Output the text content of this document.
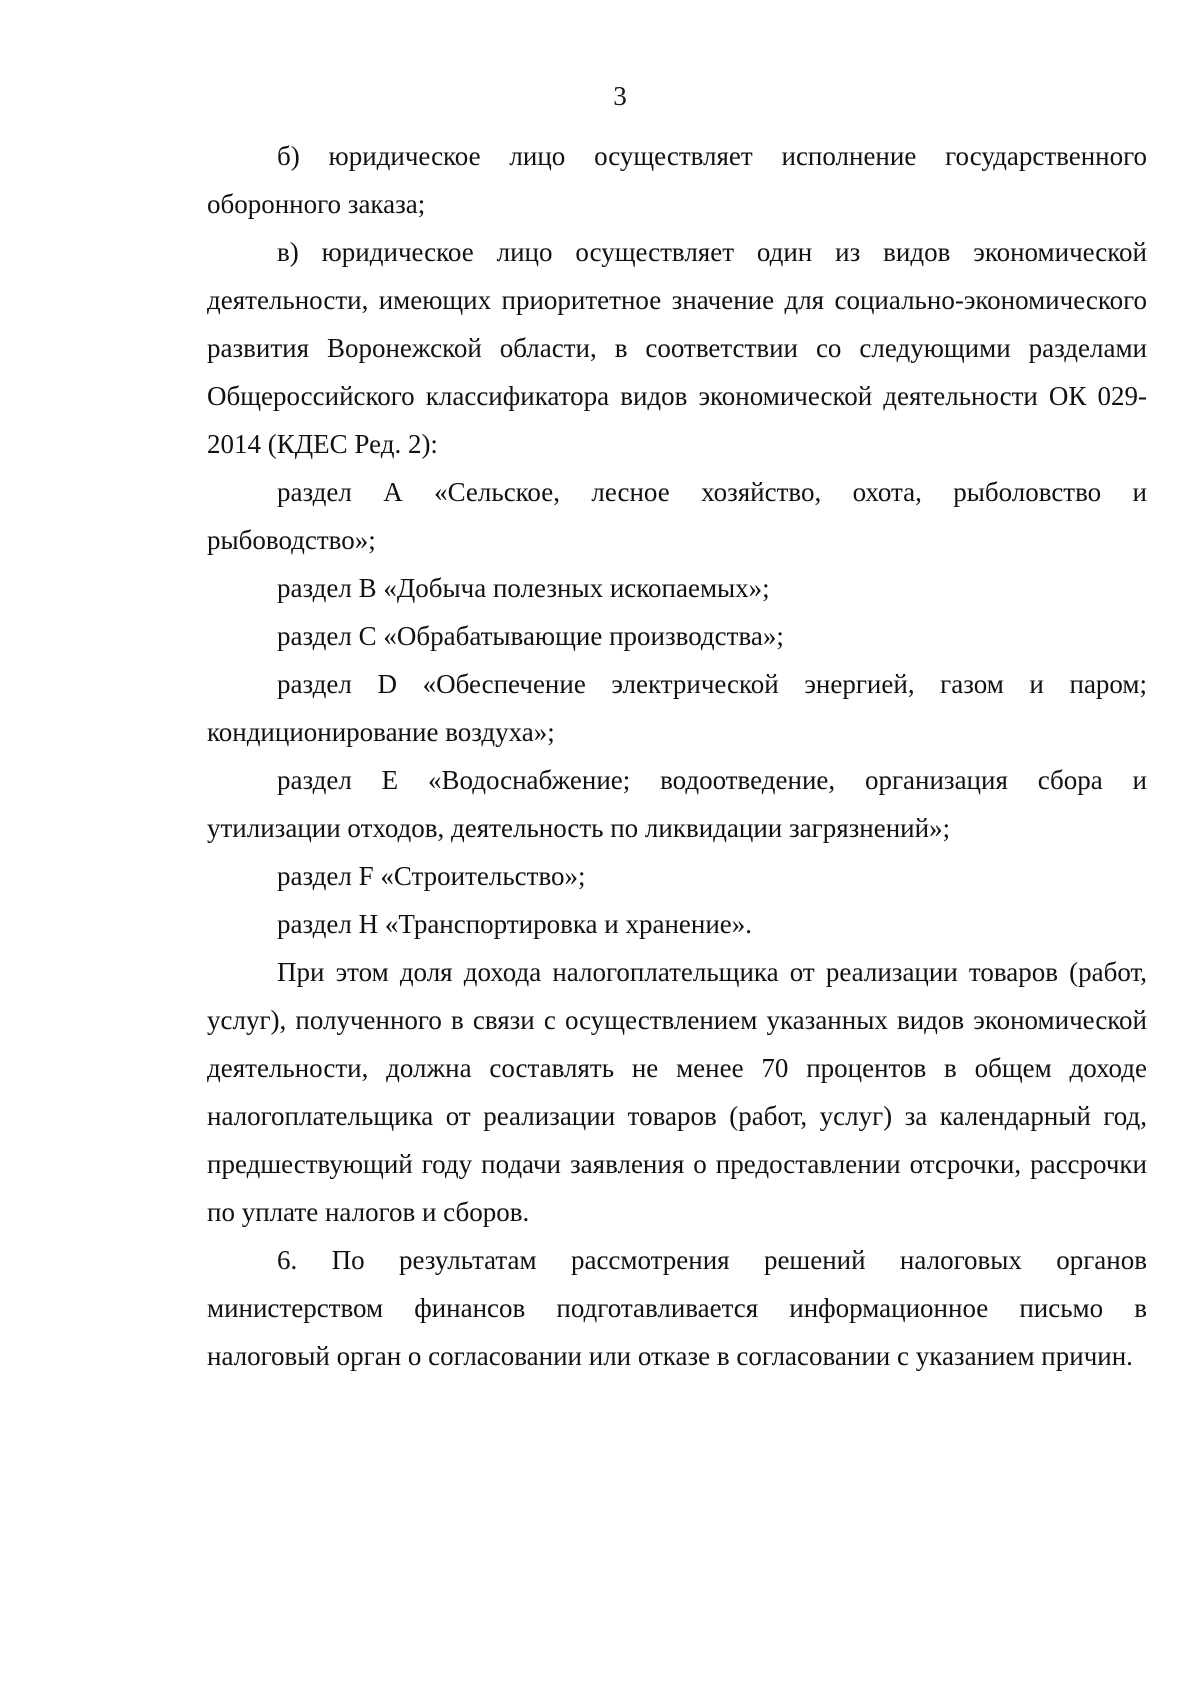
3

б) юридическое лицо осуществляет исполнение государственного оборонного заказа;

в) юридическое лицо осуществляет один из видов экономической деятельности, имеющих приоритетное значение для социально-экономического развития Воронежской области, в соответствии со следующими разделами Общероссийского классификатора видов экономической деятельности ОК 029-2014 (КДЕС Ред. 2):

раздел А «Сельское, лесное хозяйство, охота, рыболовство и рыбоводство»;

раздел В «Добыча полезных ископаемых»;

раздел С «Обрабатывающие производства»;

раздел D «Обеспечение электрической энергией, газом и паром; кондиционирование воздуха»;

раздел Е «Водоснабжение; водоотведение, организация сбора и утилизации отходов, деятельность по ликвидации загрязнений»;

раздел F «Строительство»;

раздел Н «Транспортировка и хранение».

При этом доля дохода налогоплательщика от реализации товаров (работ, услуг), полученного в связи с осуществлением указанных видов экономической деятельности, должна составлять не менее 70 процентов в общем доходе налогоплательщика от реализации товаров (работ, услуг) за календарный год, предшествующий году подачи заявления о предоставлении отсрочки, рассрочки по уплате налогов и сборов.

6. По результатам рассмотрения решений налоговых органов министерством финансов подготавливается информационное письмо в налоговый орган о согласовании или отказе в согласовании с указанием причин.
